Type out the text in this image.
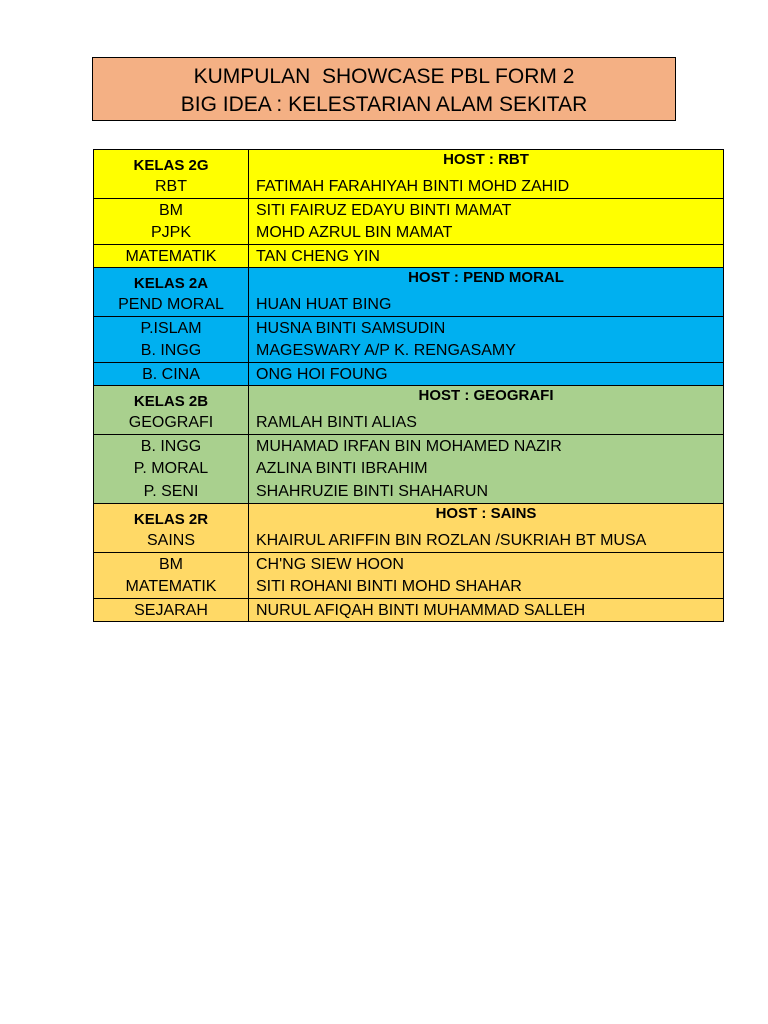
KUMPULAN  SHOWCASE PBL FORM 2
BIG IDEA : KELESTARIAN ALAM SEKITAR
KELAS 2G	HOST : RBT
RBT	FATIMAH FARAHIYAH BINTI MOHD ZAHID
BM	SITI FAIRUZ EDAYU BINTI MAMAT
PJPK	MOHD AZRUL BIN MAMAT
MATEMATIK	TAN CHENG YIN
KELAS 2A	HOST : PEND MORAL
PEND MORAL	HUAN HUAT BING
P.ISLAM	HUSNA BINTI SAMSUDIN
B. INGG	MAGESWARY A/P K. RENGASAMY
B. CINA	ONG HOI FOUNG
KELAS 2B	HOST : GEOGRAFI
GEOGRAFI	RAMLAH BINTI ALIAS
B. INGG	MUHAMAD IRFAN BIN MOHAMED NAZIR
P. MORAL	AZLINA BINTI IBRAHIM
P. SENI	SHAHRUZIE BINTI SHAHARUN
KELAS 2R	HOST : SAINS
SAINS	KHAIRUL ARIFFIN BIN ROZLAN /SUKRIAH BT MUSA
BM	CH'NG SIEW HOON
MATEMATIK	SITI ROHANI BINTI MOHD SHAHAR
SEJARAH	NURUL AFIQAH BINTI MUHAMMAD SALLEH
